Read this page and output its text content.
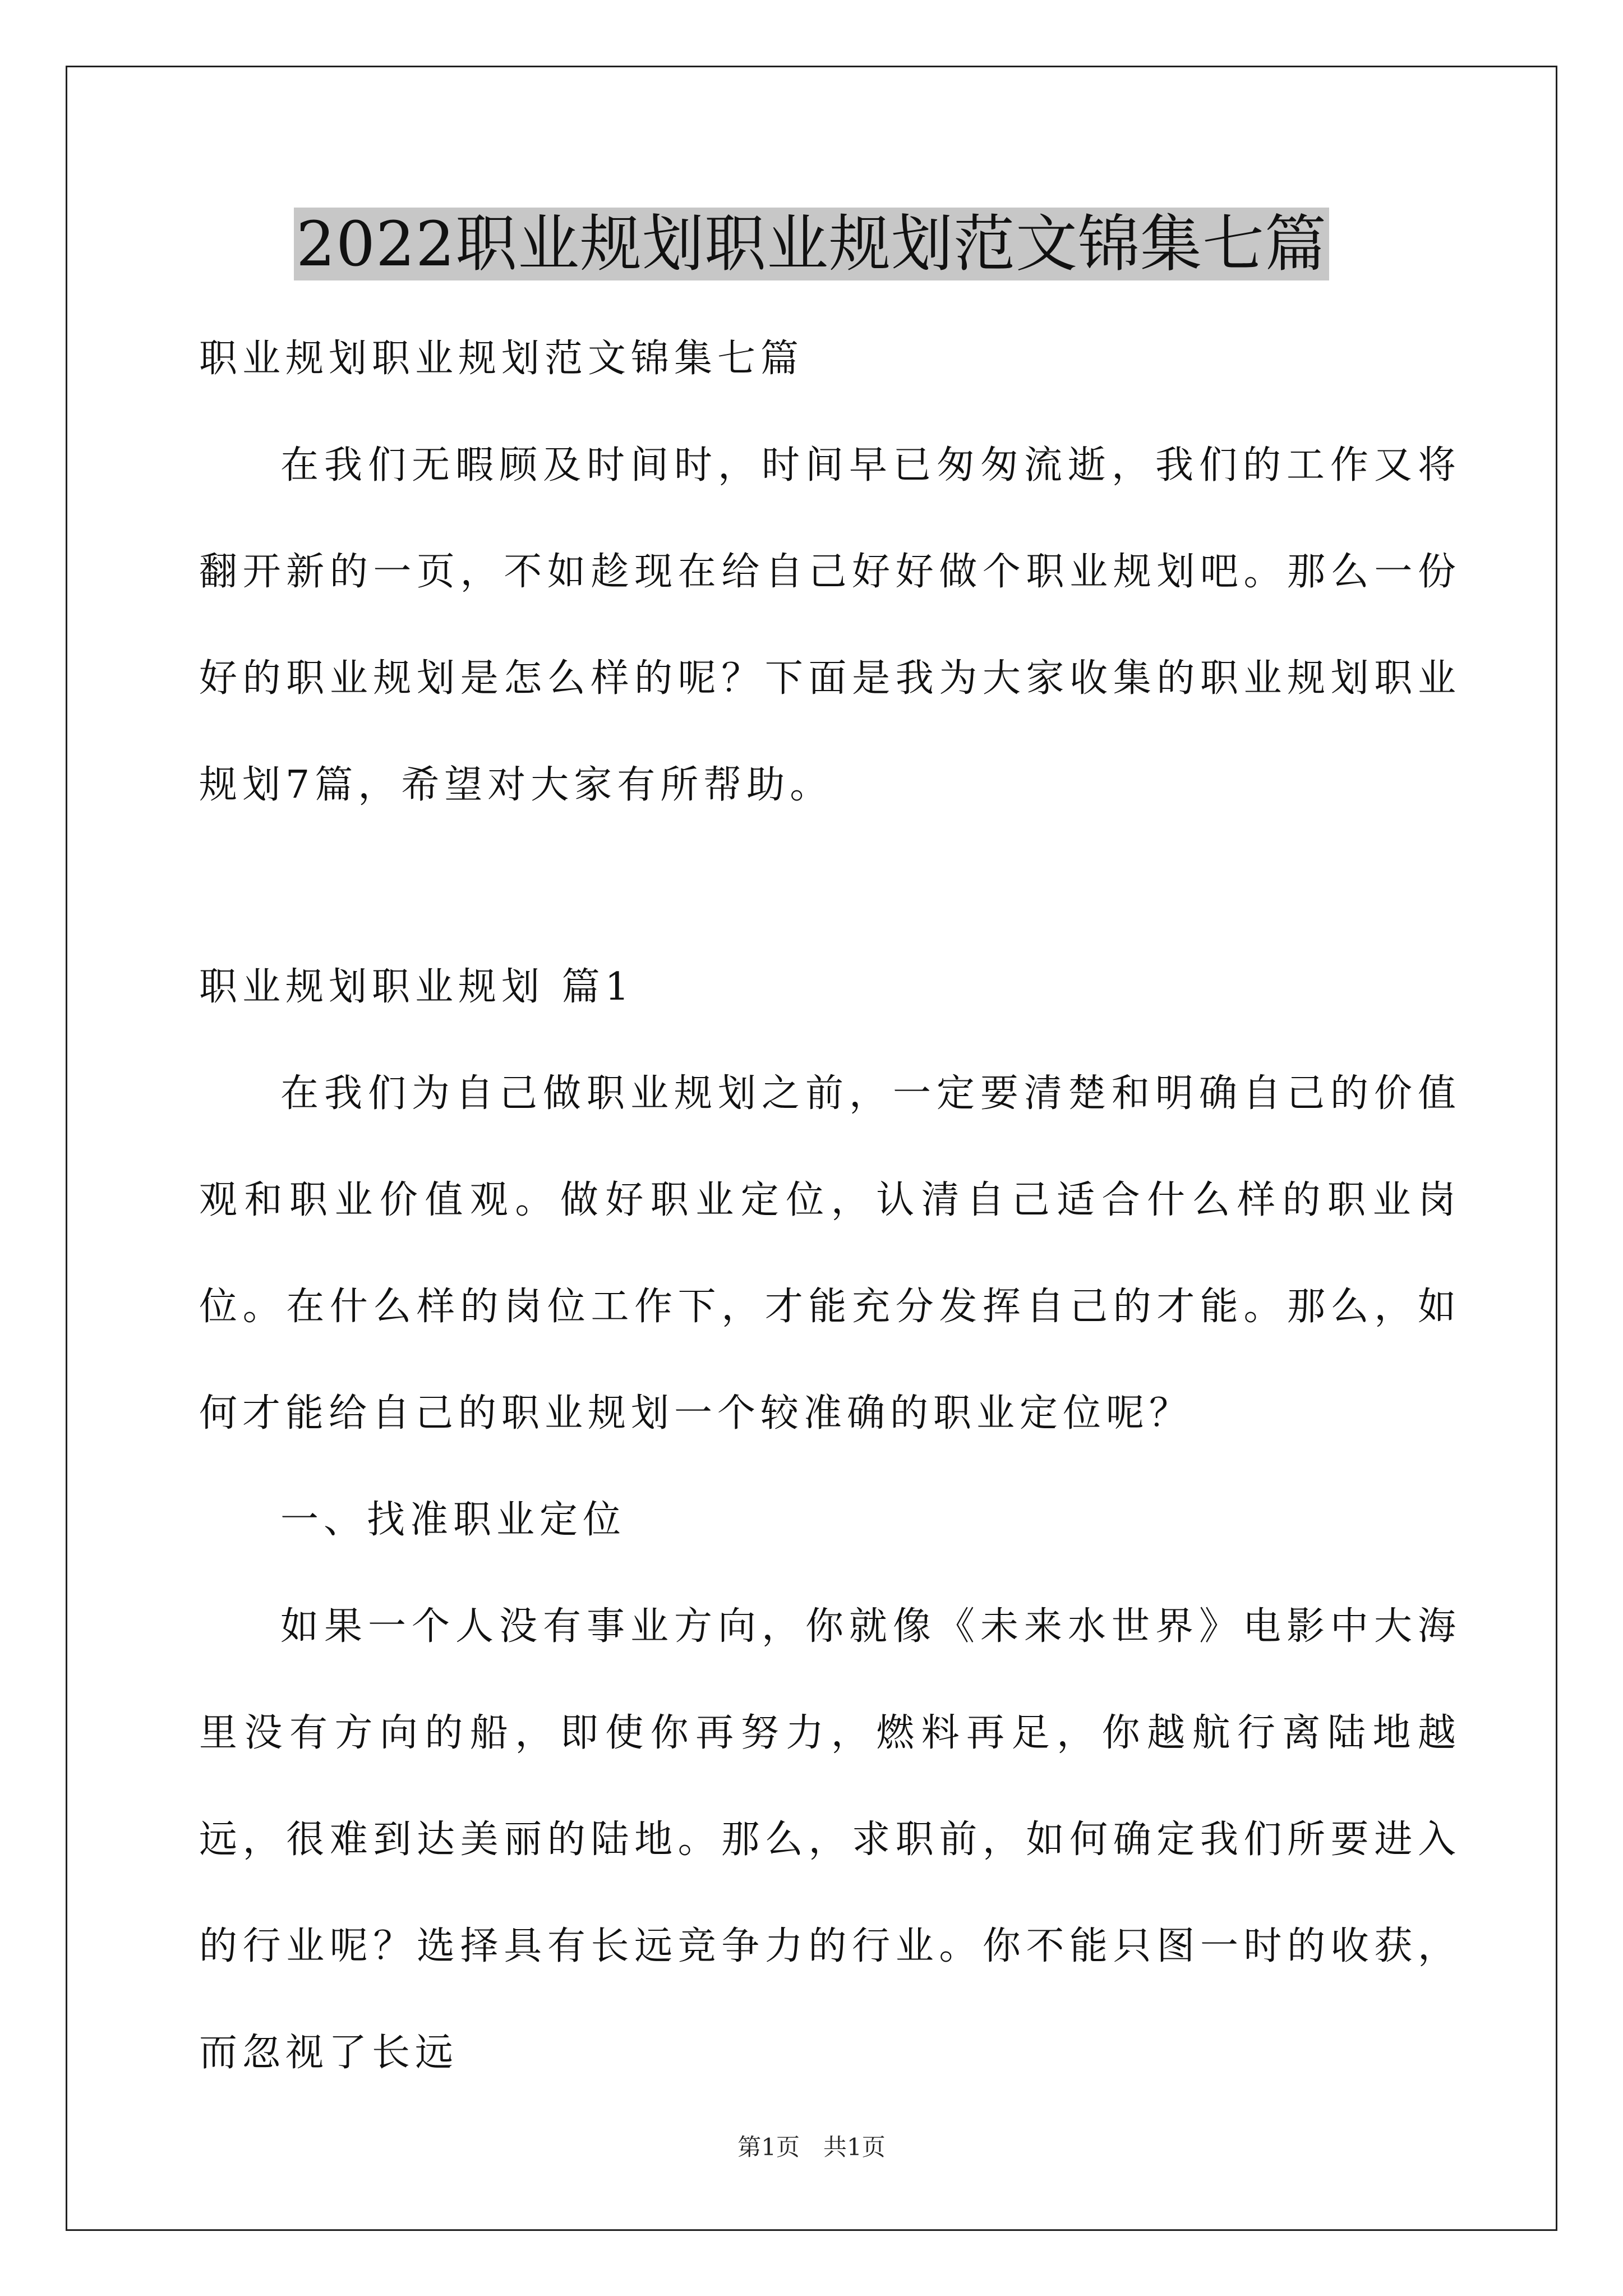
2022职业规划职业规划范文锦集七篇

职业规划职业规划范文锦集七篇

在我们无暇顾及时间时，时间早已匆匆流逝，我们的工作又将翻开新的一页，不如趁现在给自己好好做个职业规划吧。那么一份好的职业规划是怎么样的呢？下面是我为大家收集的职业规划职业规划7篇，希望对大家有所帮助。

职业规划职业规划 篇1

在我们为自己做职业规划之前，一定要清楚和明确自己的价值观和职业价值观。做好职业定位，认清自己适合什么样的职业岗位。在什么样的岗位工作下，才能充分发挥自己的才能。那么，如何才能给自己的职业规划一个较准确的职业定位呢？

一、找准职业定位

如果一个人没有事业方向，你就像《未来水世界》电影中大海里没有方向的船，即使你再努力，燃料再足，你越航行离陆地越远，很难到达美丽的陆地。那么，求职前，如何确定我们所要进入的行业呢？选择具有长远竞争力的行业。你不能只图一时的收获，而忽视了长远

第1页　共1页
